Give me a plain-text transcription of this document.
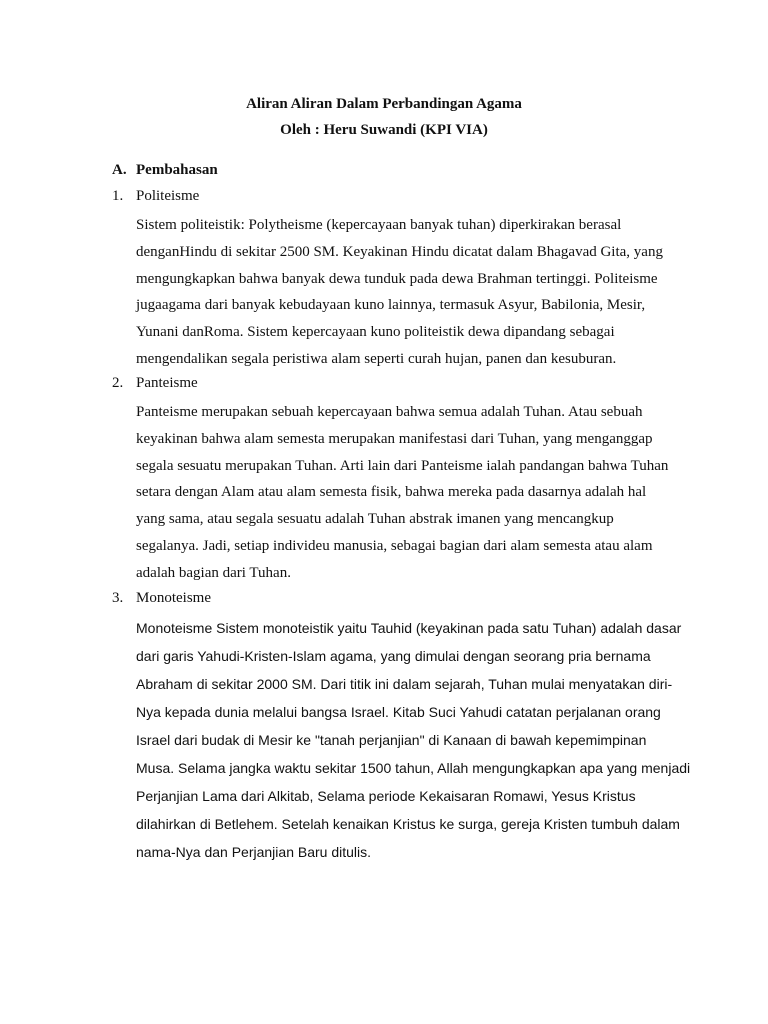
Aliran Aliran Dalam Perbandingan Agama
Oleh : Heru Suwandi (KPI VIA)
A. Pembahasan
1. Politeisme

Sistem politeistik: Polytheisme (kepercayaan banyak tuhan) diperkirakan berasal

denganHindu di sekitar 2500 SM. Keyakinan Hindu dicatat dalam Bhagavad Gita, yang

mengungkapkan bahwa banyak dewa tunduk pada dewa Brahman tertinggi. Politeisme

jugaagama dari banyak kebudayaan kuno lainnya, termasuk Asyur, Babilonia, Mesir,

Yunani danRoma. Sistem kepercayaan kuno politeistik dewa dipandang sebagai

mengendalikan segala peristiwa alam seperti curah hujan, panen dan kesuburan.

2. Panteisme

Panteisme merupakan sebuah kepercayaan bahwa semua adalah Tuhan. Atau sebuah

keyakinan bahwa alam semesta merupakan manifestasi dari Tuhan, yang menganggap

segala sesuatu merupakan Tuhan. Arti lain dari Panteisme ialah pandangan bahwa Tuhan

setara dengan Alam atau alam semesta fisik, bahwa mereka pada dasarnya adalah hal

yang sama, atau segala sesuatu adalah Tuhan abstrak imanen yang mencangkup

segalanya. Jadi, setiap individeu manusia, sebagai bagian dari alam semesta atau alam

adalah bagian dari Tuhan.

3. Monoteisme

Monoteisme Sistem monoteistik yaitu Tauhid (keyakinan pada satu Tuhan) adalah dasar

dari garis Yahudi-Kristen-Islam agama, yang dimulai dengan seorang pria bernama

Abraham di sekitar 2000 SM. Dari titik ini dalam sejarah, Tuhan mulai menyatakan diri-

Nya kepada dunia melalui bangsa Israel. Kitab Suci Yahudi catatan perjalanan orang

Israel dari budak di Mesir ke "tanah perjanjian" di Kanaan di bawah kepemimpinan

Musa. Selama jangka waktu sekitar 1500 tahun, Allah mengungkapkan apa yang menjadi

Perjanjian Lama dari Alkitab, Selama periode Kekaisaran Romawi, Yesus Kristus

dilahirkan di Betlehem. Setelah kenaikan Kristus ke surga, gereja Kristen tumbuh dalam

nama-Nya dan Perjanjian Baru ditulis.
